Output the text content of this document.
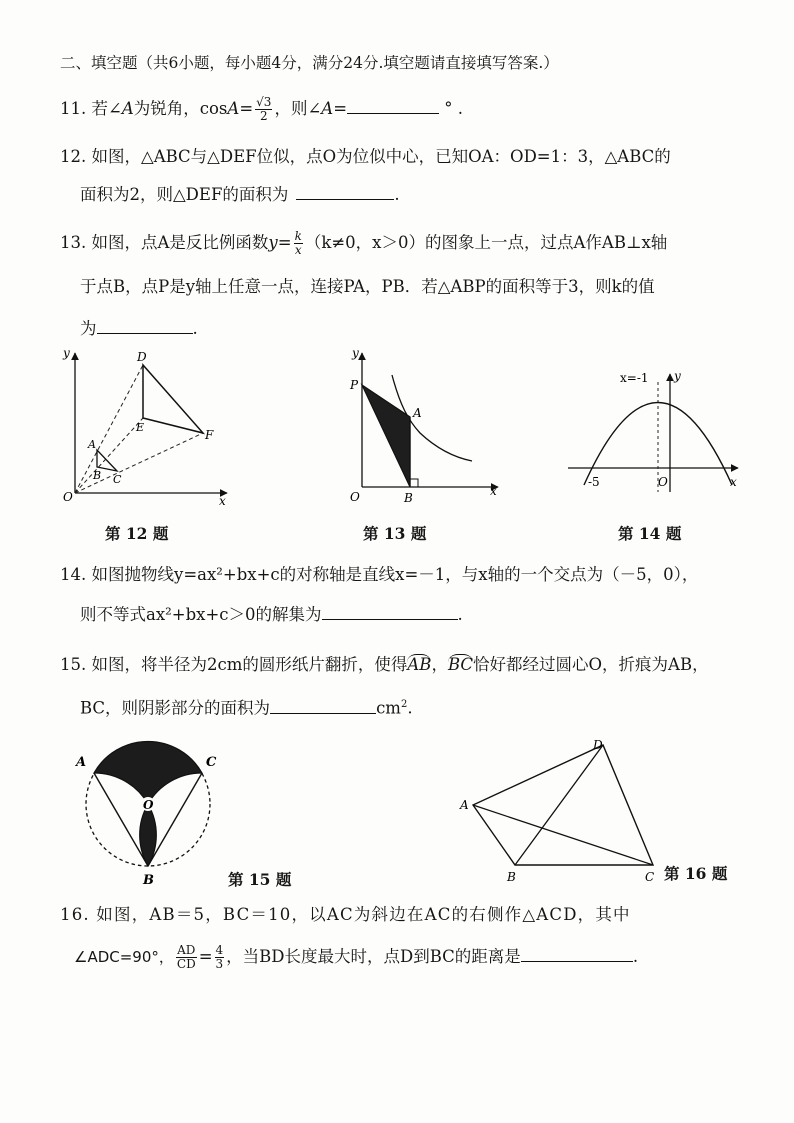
二、填空题（共6小题，每小题4分，满分24分.填空题请直接填写答案.）
11. 若∠A为锐角，$\cos A= \frac{√3}{2}$ ，则∠A=	° .
12. 如图，△ABC与△DEF位似，点O为位似中心，已知OA：OD=1：3，△ABC的
面积为2，则△DEF的面积为	.
13. 如图，点A是反比例函数$y= \frac{k}{x} (k\ne 0$，x＞0）的图象上一点，过点A作AB⊥x轴
于点B，点P是y轴上任意一点，连接PA，PB．若△ABP的面积等于3，则k的值
为	.
y
x
O
A
B C
D
E
F
第 12 题
y
x
O
P
A
B
第 13 题
x=-1 y
x
O
-5
第 14 题
14. 如图抛物线y=ax²+bx+c的对称轴是直线x=－1，与x轴的一个交点为（－5，0），
则不等式ax²+bx+c＞0的解集为	.
15. 如图，将半径为2cm的圆形纸片翻折，使得AB，BC恰好都经过圆心O，折痕为AB，
BC，则阴影部分的面积为	$cm^2$.
A	C
O
B	第 15 题
D
A
B	C 第 16 题
16. 如图，AB＝5，BC＝10，以AC为斜边在AC的右侧作△ACD，其中
∠ADC=90°， $\frac{AD}{CD} = \frac{4}{3}$ ，当BD长度最大时，点D到BC的距离是	.
